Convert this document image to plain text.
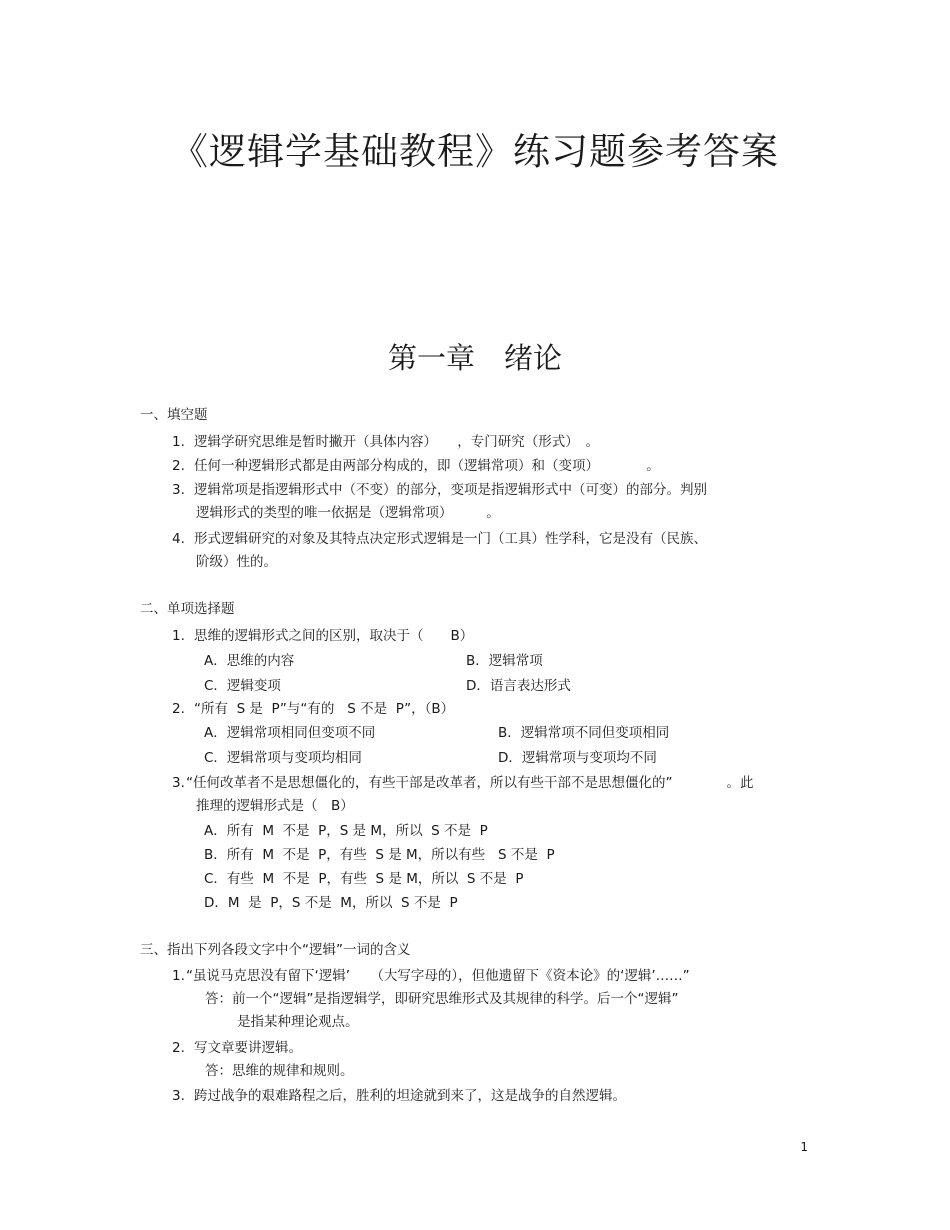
《逻辑学基础教程》练习题参考答案
第一章　绪论
一、填空题
1. 逻辑学研究思维是暂时撇开（具体内容）　　，专门研究（形式）　。
2. 任何一种逻辑形式都是由两部分构成的，即（逻辑常项）和（变项）　　　　。
3. 逻辑常项是指逻辑形式中（不变）的部分，变项是指逻辑形式中（可变）的部分。判别
逻辑形式的类型的唯一依据是（逻辑常项）　　　。
4. 形式逻辑研究的对象及其特点决定形式逻辑是一门（工具）性学科，它是没有（民族、
阶级）性的。
二、单项选择题
1. 思维的逻辑形式之间的区别，取决于（　　B）
A．思维的内容	B．逻辑常项
C．逻辑变项	D．语言表达形式
2. “所有  S 是  P”与“有的   S 不是  P”，（B）
A．逻辑常项相同但变项不同	B．逻辑常项不同但变项相同
C．逻辑常项与变项均相同	D．逻辑常项与变项均不同
3. “任何改革者不是思想僵化的，有些干部是改革者，所以有些干部不是思想僵化的”　　　　。此
推理的逻辑形式是（　B）
A．所有  M  不是  P，S 是 M，所以  S 不是  P
B．所有  M  不是  P，有些  S 是 M，所以有些   S 不是  P
C．有些  M  不是  P，有些  S 是 M，所以  S 不是  P
D．M  是  P，S 不是  M，所以  S 不是  P
三、指出下列各段文字中个“逻辑”一词的含义
1. “虽说马克思没有留下‘逻辑’　　（大写字母的），但他遗留下《资本论》的‘逻辑’……”
答：前一个“逻辑”是指逻辑学，即研究思维形式及其规律的科学。后一个“逻辑”
是指某种理论观点。
2. 写文章要讲逻辑。
答：思维的规律和规则。
3. 跨过战争的艰难路程之后，胜利的坦途就到来了，这是战争的自然逻辑。
1
